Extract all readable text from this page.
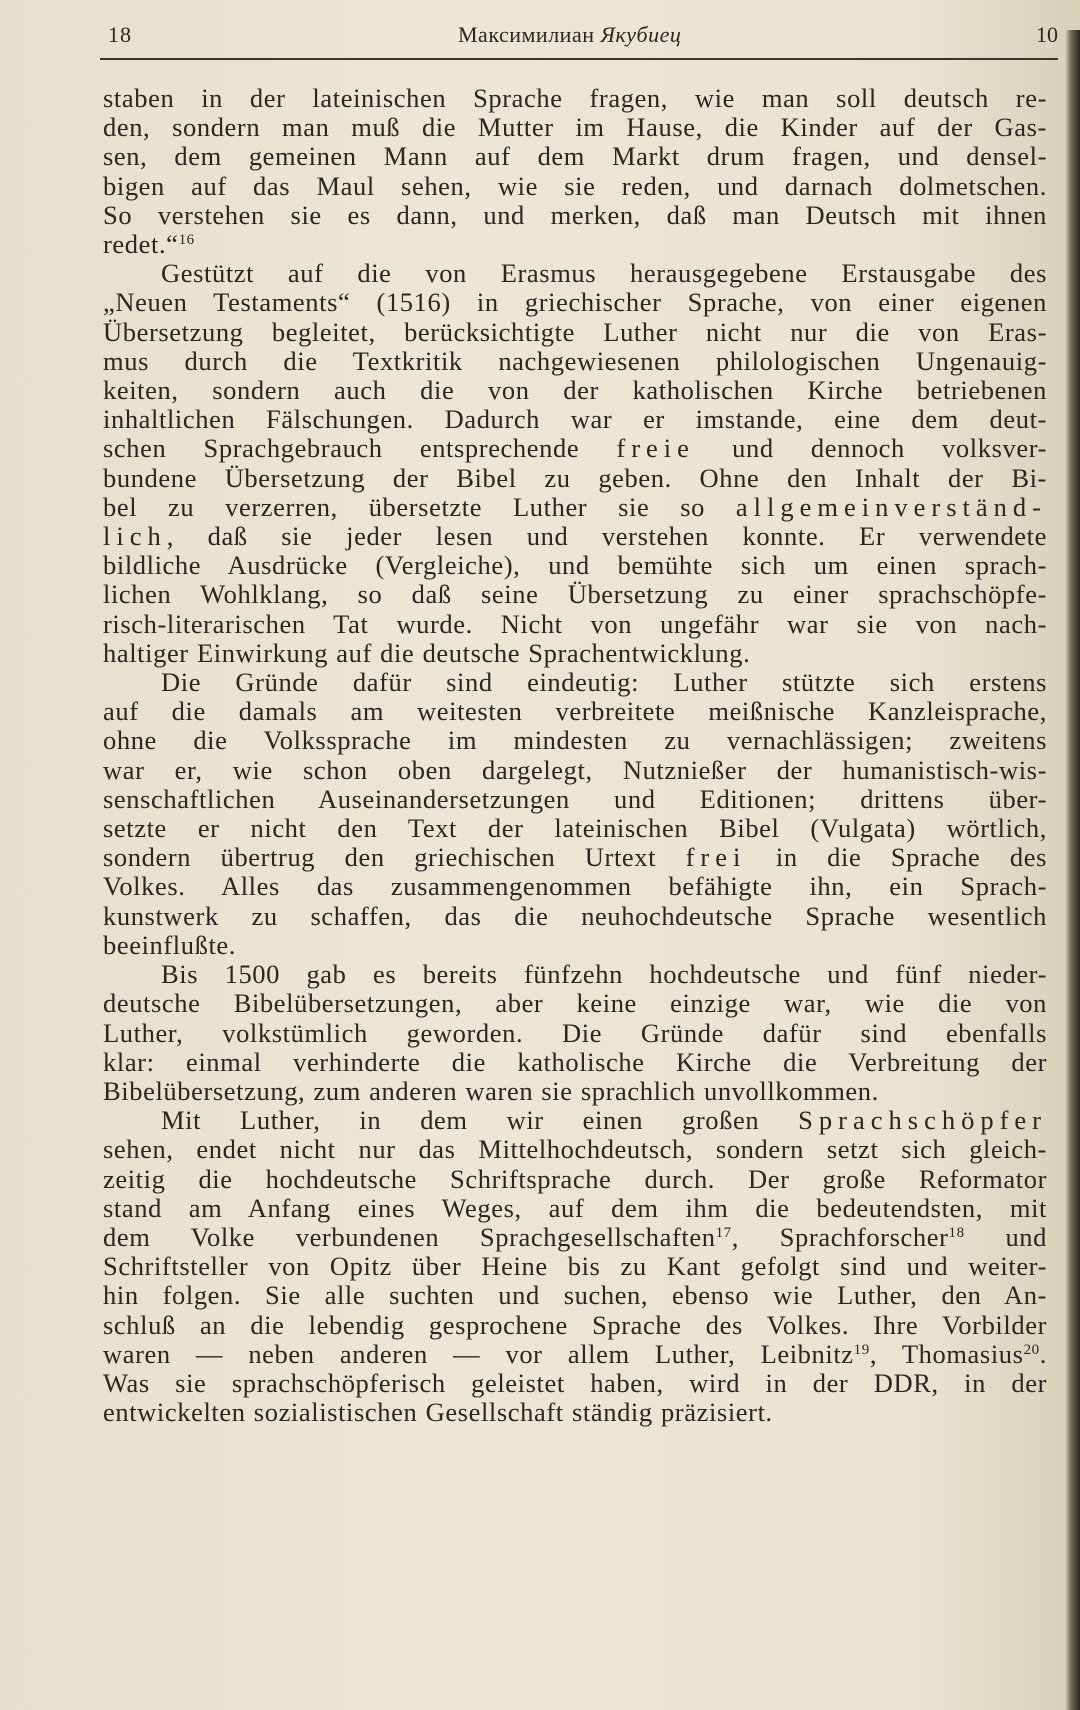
18	Максимилиан Якубиец	10

staben in der lateinischen Sprache fragen, wie man soll deutsch re-
den, sondern man muß die Mutter im Hause, die Kinder auf der Gas-
sen, dem gemeinen Mann auf dem Markt drum fragen, und densel-
bigen auf das Maul sehen, wie sie reden, und darnach dolmetschen.
So verstehen sie es dann, und merken, daß man Deutsch mit ihnen
redet.“$^{16}$

Gestützt auf die von Erasmus herausgegebene Erstausgabe des
„Neuen Testaments“ (1516) in griechischer Sprache, von einer eigenen
Übersetzung begleitet, berücksichtigte Luther nicht nur die von Eras-
mus durch die Textkritik nachgewiesenen philologischen Ungenauig-
keiten, sondern auch die von der katholischen Kirche betriebenen
inhaltlichen Fälschungen. Dadurch war er imstande, eine dem deut-
schen Sprachgebrauch entsprechende freie und dennoch volksver-
bundene Übersetzung der Bibel zu geben. Ohne den Inhalt der Bi-
bel zu verzerren, übersetzte Luther sie so allgemeinverständ-
lich, daß sie jeder lesen und verstehen konnte. Er verwendete
bildliche Ausdrücke (Vergleiche), und bemühte sich um einen sprach-
lichen Wohlklang, so daß seine Übersetzung zu einer sprachschöpfe-
risch-literarischen Tat wurde. Nicht von ungefähr war sie von nach-
haltiger Einwirkung auf die deutsche Sprachentwicklung.

Die Gründe dafür sind eindeutig: Luther stützte sich erstens
auf die damals am weitesten verbreitete meißnische Kanzleisprache,
ohne die Volkssprache im mindesten zu vernachlässigen; zweitens
war er, wie schon oben dargelegt, Nutznießer der humanistisch-wis-
senschaftlichen Auseinandersetzungen und Editionen; drittens über-
setzte er nicht den Text der lateinischen Bibel (Vulgata) wörtlich,
sondern übertrug den griechischen Urtext frei in die Sprache des
Volkes. Alles das zusammengenommen befähigte ihn, ein Sprach-
kunstwerk zu schaffen, das die neuhochdeutsche Sprache wesentlich
beeinflußte.

Bis 1500 gab es bereits fünfzehn hochdeutsche und fünf nieder-
deutsche Bibelübersetzungen, aber keine einzige war, wie die von
Luther, volkstümlich geworden. Die Gründe dafür sind ebenfalls
klar: einmal verhinderte die katholische Kirche die Verbreitung der
Bibelübersetzung, zum anderen waren sie sprachlich unvollkommen.

Mit Luther, in dem wir einen großen Sprachschöpfer
sehen, endet nicht nur das Mittelhochdeutsch, sondern setzt sich gleich-
zeitig die hochdeutsche Schriftsprache durch. Der große Reformator
stand am Anfang eines Weges, auf dem ihm die bedeutendsten, mit
dem Volke verbundenen Sprachgesellschaften$^{17}$, Sprachforscher$^{18}$ und
Schriftsteller von Opitz über Heine bis zu Kant gefolgt sind und weiter-
hin folgen. Sie alle suchten und suchen, ebenso wie Luther, den An-
schluß an die lebendig gesprochene Sprache des Volkes. Ihre Vorbilder
waren — neben anderen — vor allem Luther, Leibnitz$^{19}$, Thomasius$^{20}$.
Was sie sprachschöpferisch geleistet haben, wird in der DDR, in der
entwickelten sozialistischen Gesellschaft ständig präzisiert.
